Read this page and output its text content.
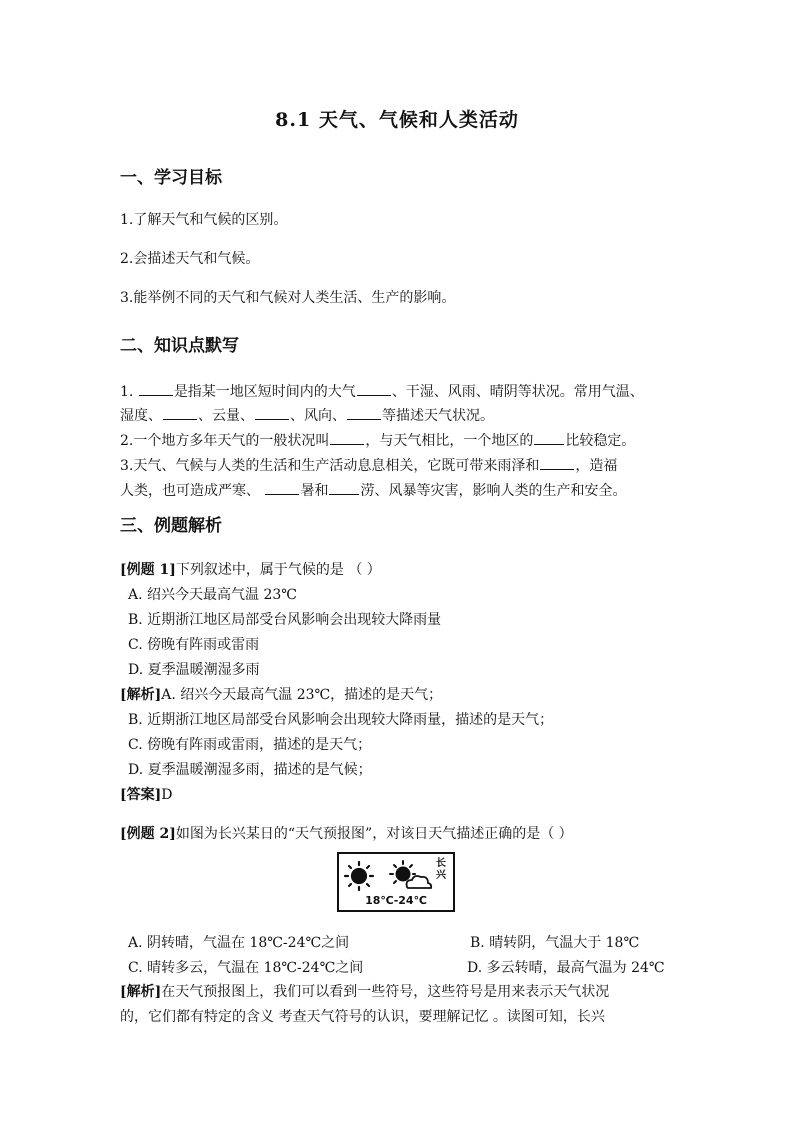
8.1 天气、气候和人类活动
一、学习目标
1.了解天气和气候的区别。
2.会描述天气和气候。
3.能举例不同的天气和气候对人类生活、生产的影响。
二、知识点默写
1.	是指某一地区短时间内的大气	、干湿、风雨、晴阴等状况。常用气温、
湿度、	、云量、	、风向、	等描述天气状况。
2.一个地方多年天气的一般状况叫	，与天气相比，一个地区的 比较稳定。
3.天气、气候与人类的生活和生产活动息息相关，它既可带来雨泽和	，造福
人类，也可造成严寒、	暑和 涝、风暴等灾害，影响人类的生产和安全。
三、例题解析
[例题 1]下列叙述中，属于气候的是 （ ）
A. 绍兴今天最高气温 23℃
B. 近期浙江地区局部受台风影响会出现较大降雨量
C. 傍晚有阵雨或雷雨
D. 夏季温暖潮湿多雨
[解析]A. 绍兴今天最高气温 23℃，描述的是天气；
B. 近期浙江地区局部受台风影响会出现较大降雨量，描述的是天气；
C. 傍晚有阵雨或雷雨，描述的是天气；
D. 夏季温暖潮湿多雨，描述的是气候；
[答案]D
[例题 2]如图为长兴某日的“天气预报图”，对该日天气描述正确的是（ ）
长兴
18℃-24℃
A. 阴转晴，气温在 18℃-24℃之间	B. 晴转阴，气温大于 18℃
C. 晴转多云，气温在 18℃-24℃之间	D. 多云转晴，最高气温为 24℃
[解析]在天气预报图上，我们可以看到一些符号，这些符号是用来表示天气状况
的，它们都有特定的含义 考查天气符号的认识，要理解记忆 。读图可知，长兴
